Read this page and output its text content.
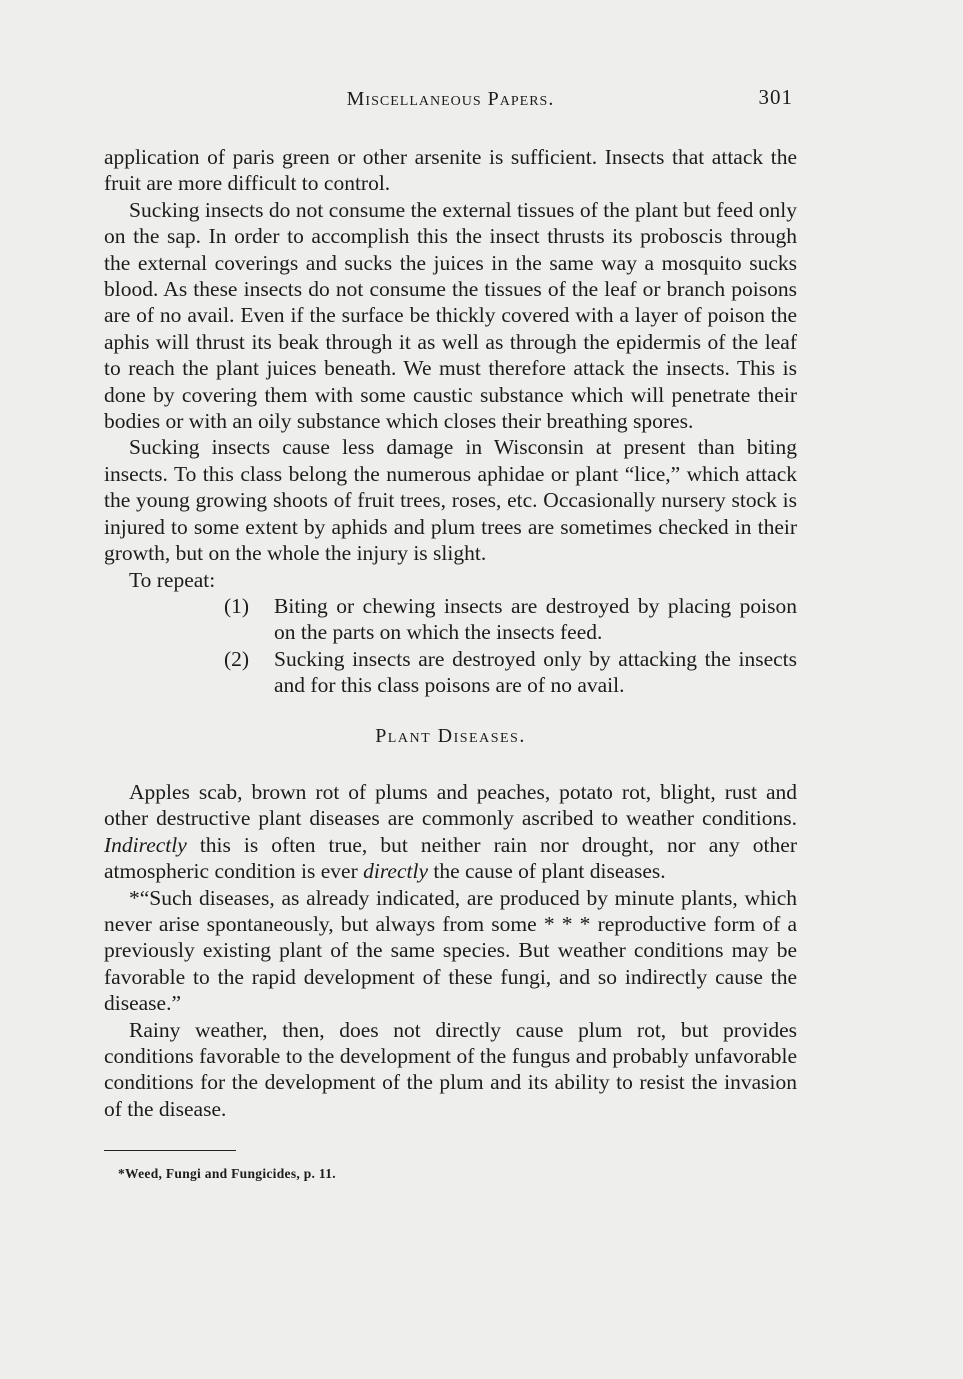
Miscellaneous Papers.	301

application of paris green or other arsenite is sufficient. Insects that attack the fruit are more difficult to control.

Sucking insects do not consume the external tissues of the plant but feed only on the sap. In order to accomplish this the insect thrusts its proboscis through the external coverings and sucks the juices in the same way a mosquito sucks blood. As these insects do not consume the tissues of the leaf or branch poisons are of no avail. Even if the surface be thickly covered with a layer of poison the aphis will thrust its beak through it as well as through the epidermis of the leaf to reach the plant juices beneath. We must therefore attack the insects. This is done by covering them with some caustic substance which will penetrate their bodies or with an oily substance which closes their breathing spores.

Sucking insects cause less damage in Wisconsin at present than biting insects. To this class belong the numerous aphidae or plant “lice,” which attack the young growing shoots of fruit trees, roses, etc. Occasionally nursery stock is injured to some extent by aphids and plum trees are sometimes checked in their growth, but on the whole the injury is slight.

To repeat:

(1) Biting or chewing insects are destroyed by placing poison on the parts on which the insects feed.
(2) Sucking insects are destroyed only by attacking the insects and for this class poisons are of no avail.
Plant Diseases.

Apples scab, brown rot of plums and peaches, potato rot, blight, rust and other destructive plant diseases are commonly ascribed to weather conditions. Indirectly this is often true, but neither rain nor drought, nor any other atmospheric condition is ever directly the cause of plant diseases.

*“Such diseases, as already indicated, are produced by minute plants, which never arise spontaneously, but always from some * * * reproductive form of a previously existing plant of the same species. But weather conditions may be favorable to the rapid development of these fungi, and so indirectly cause the disease.”

Rainy weather, then, does not directly cause plum rot, but provides conditions favorable to the development of the fungus and probably unfavorable conditions for the development of the plum and its ability to resist the invasion of the disease.

*Weed, Fungi and Fungicides, p. 11.
